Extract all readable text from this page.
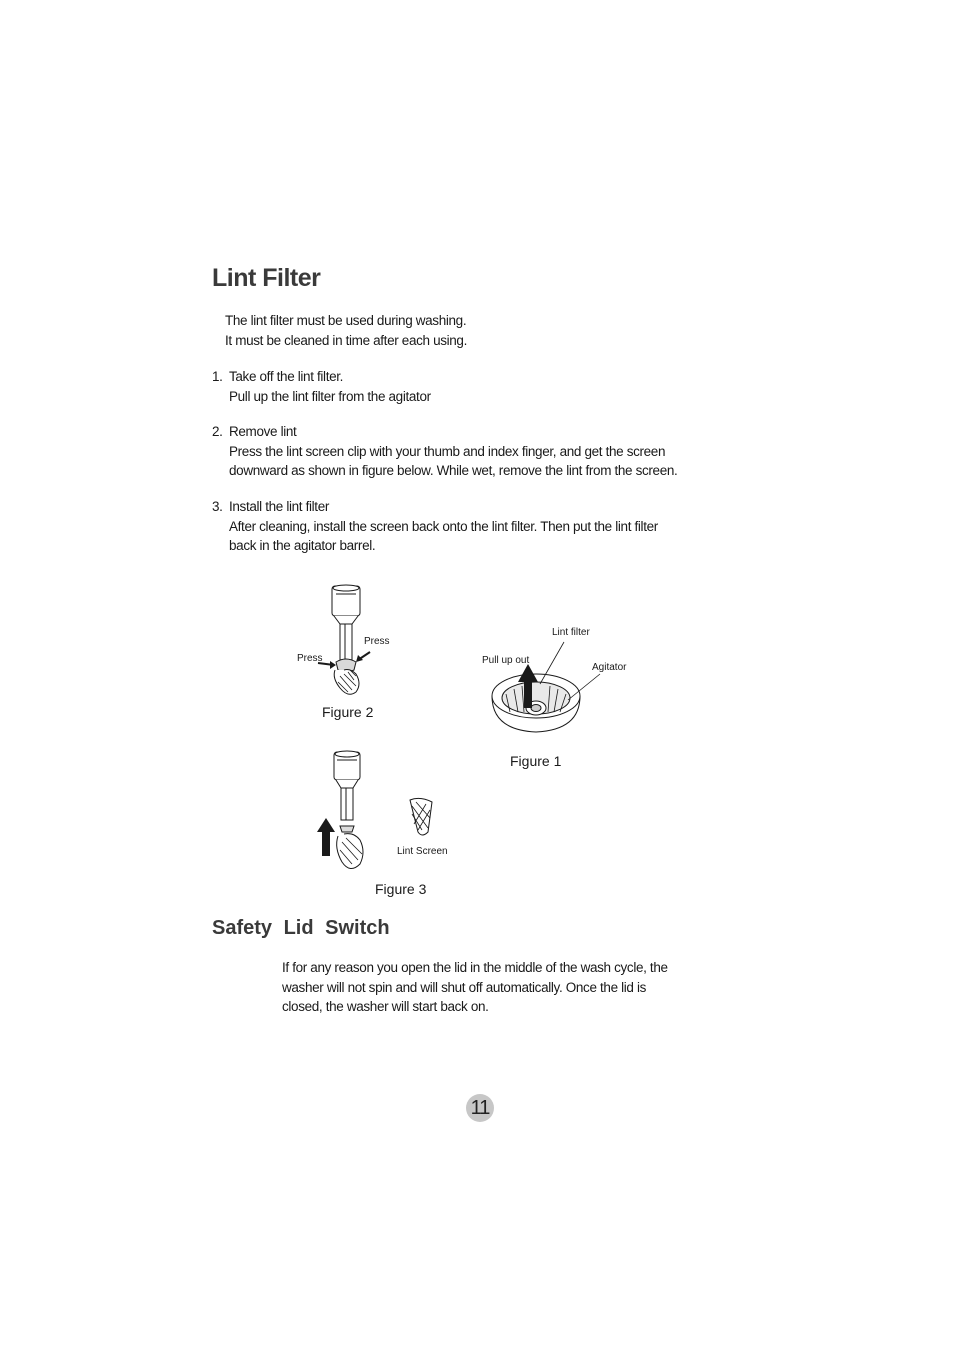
Lint Filter
The lint filter must be used during washing.
It must be cleaned in time after each using.
1. Take off the lint filter.
Pull up the lint filter from the agitator
2. Remove lint
Press the lint screen clip with your thumb and index finger, and get the screen
downward as shown in figure below. While wet, remove the lint from the screen.
3. Install the lint filter
After cleaning, install the screen back onto the lint filter. Then put the lint filter
back in the agitator barrel.
Press
Press
Figure 2
Pull up out
Lint filter
Agitator
Figure 1
Lint Screen
Figure 3
Safety Lid Switch
If for any reason you open the lid in the middle of the wash cycle, the
washer will not spin and will shut off automatically. Once the lid is
closed, the washer will start back on.
11
